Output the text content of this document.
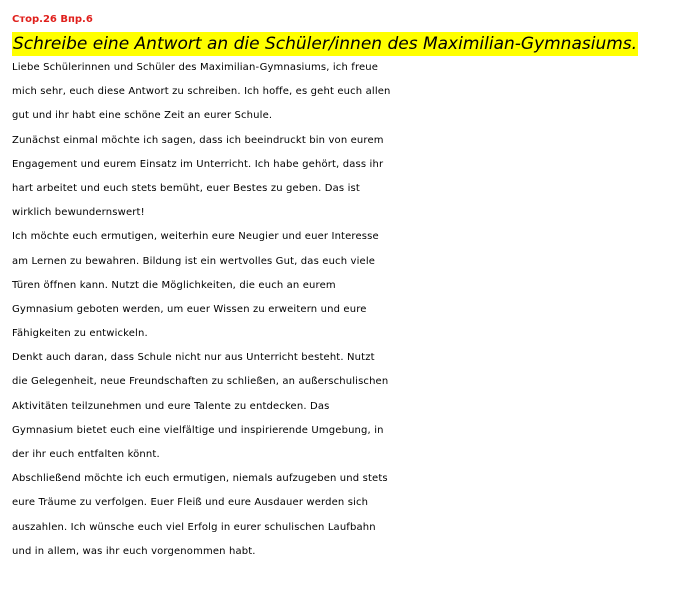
Стор.26 Впр.6
Schreibe eine Antwort an die Schüler/innen des Maximilian-Gymnasiums.
Liebe Schülerinnen und Schüler des Maximilian-Gymnasiums, ich freue
mich sehr, euch diese Antwort zu schreiben. Ich hoffe, es geht euch allen
gut und ihr habt eine schöne Zeit an eurer Schule.
Zunächst einmal möchte ich sagen, dass ich beeindruckt bin von eurem
Engagement und eurem Einsatz im Unterricht. Ich habe gehört, dass ihr
hart arbeitet und euch stets bemüht, euer Bestes zu geben. Das ist
wirklich bewundernswert!
Ich möchte euch ermutigen, weiterhin eure Neugier und euer Interesse
am Lernen zu bewahren. Bildung ist ein wertvolles Gut, das euch viele
Türen öffnen kann. Nutzt die Möglichkeiten, die euch an eurem
Gymnasium geboten werden, um euer Wissen zu erweitern und eure
Fähigkeiten zu entwickeln.
Denkt auch daran, dass Schule nicht nur aus Unterricht besteht. Nutzt
die Gelegenheit, neue Freundschaften zu schließen, an außerschulischen
Aktivitäten teilzunehmen und eure Talente zu entdecken. Das
Gymnasium bietet euch eine vielfältige und inspirierende Umgebung, in
der ihr euch entfalten könnt.
Abschließend möchte ich euch ermutigen, niemals aufzugeben und stets
eure Träume zu verfolgen. Euer Fleiß und eure Ausdauer werden sich
auszahlen. Ich wünsche euch viel Erfolg in eurer schulischen Laufbahn
und in allem, was ihr euch vorgenommen habt.
